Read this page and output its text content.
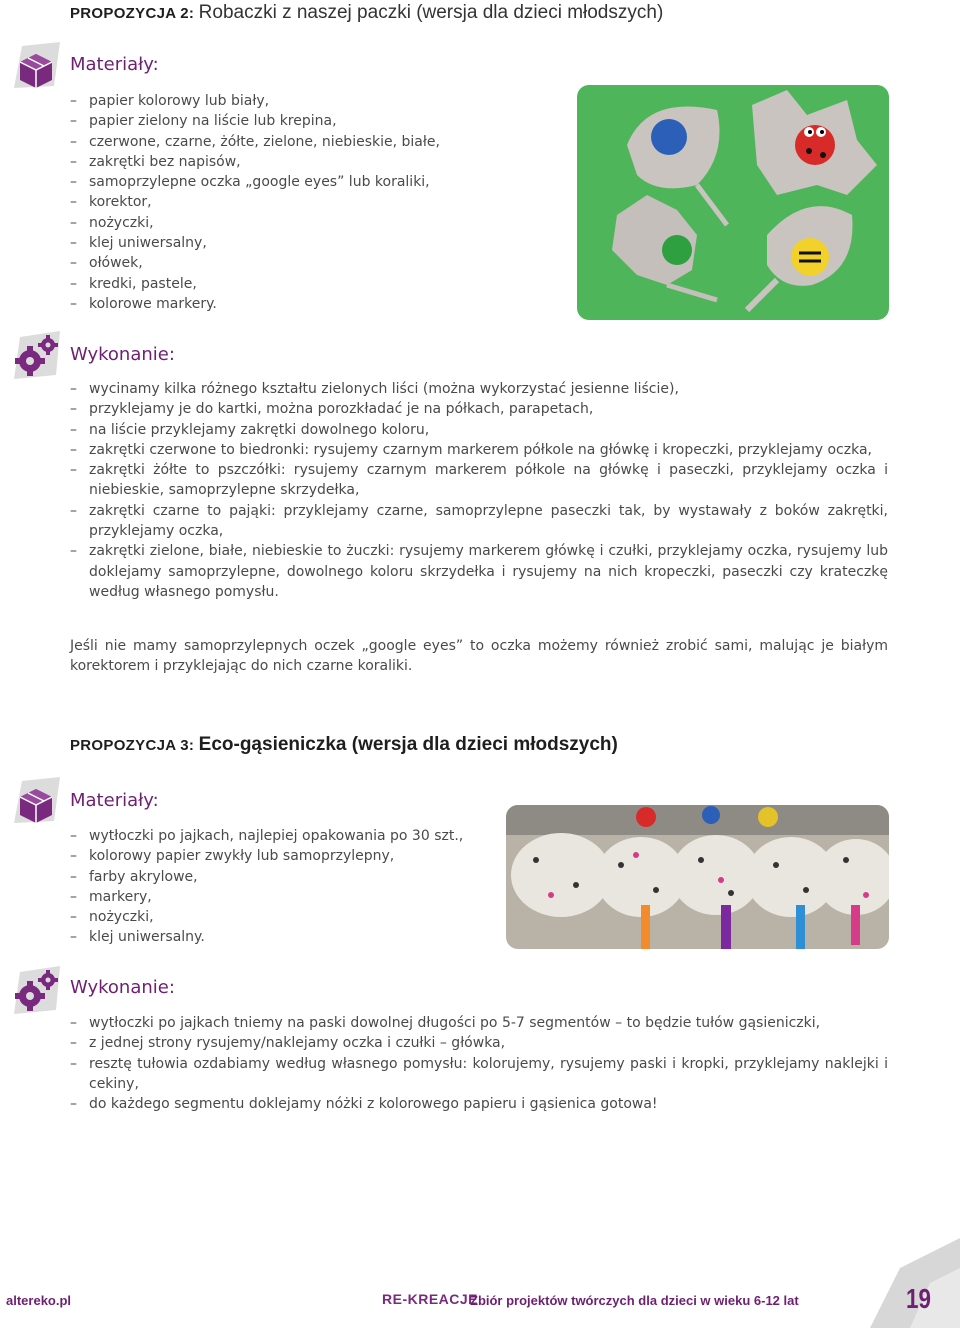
PROPOZYCJA 2: Robaczki z naszej paczki (wersja dla dzieci młodszych)
Materiały:
– papier kolorowy lub biały,
– papier zielony na liście lub krepina,
– czerwone, czarne, żółte, zielone, niebieskie, białe,
– zakrętki bez napisów,
– samoprzylepne oczka „google eyes” lub koraliki,
– korektor,
– nożyczki,
– klej uniwersalny,
– ołówek,
– kredki, pastele,
– kolorowe markery.
Wykonanie:
– wycinamy kilka różnego kształtu zielonych liści (można wykorzystać jesienne liście),
– przyklejamy je do kartki, można porozkładać je na półkach, parapetach,
– na liście przyklejamy zakrętki dowolnego koloru,
– zakrętki czerwone to biedronki: rysujemy czarnym markerem półkole na główkę i kropeczki, przyklejamy oczka,
– zakrętki żółte to pszczółki: rysujemy czarnym markerem półkole na główkę i paseczki, przyklejamy oczka i niebieskie, samoprzylepne skrzydełka,
– zakrętki czarne to pająki: przyklejamy czarne, samoprzylepne paseczki tak, by wystawały z boków zakrętki, przyklejamy oczka,
– zakrętki zielone, białe, niebieskie to żuczki: rysujemy markerem główkę i czułki, przyklejamy oczka, rysujemy lub doklejamy samoprzylepne, dowolnego koloru skrzydełka i rysujemy na nich kropeczki, paseczki czy krateczkę według własnego pomysłu.

Jeśli nie mamy samoprzylepnych oczek „google eyes” to oczka możemy również zrobić sami, malując je białym korektorem i przyklejając do nich czarne koraliki.

PROPOZYCJA 3: Eco-gąsieniczka (wersja dla dzieci młodszych)
Materiały:
– wytłoczki po jajkach, najlepiej opakowania po 30 szt.,
– kolorowy papier zwykły lub samoprzylepny,
– farby akrylowe,
– markery,
– nożyczki,
– klej uniwersalny.
Wykonanie:
– wytłoczki po jajkach tniemy na paski dowolnej długości po 5-7 segmentów – to będzie tułów gąsieniczki,
– z jednej strony rysujemy/naklejamy oczka i czułki – główka,
– resztę tułowia ozdabiamy według własnego pomysłu: kolorujemy, rysujemy paski i kropki, przyklejamy naklejki i cekiny,
– do każdego segmentu doklejamy nóżki z kolorowego papieru i gąsienica gotowa!
altereko.pl	RE-KREACJE
Zbiór projektów twórczych dla dzieci w wieku 6-12 lat	19
